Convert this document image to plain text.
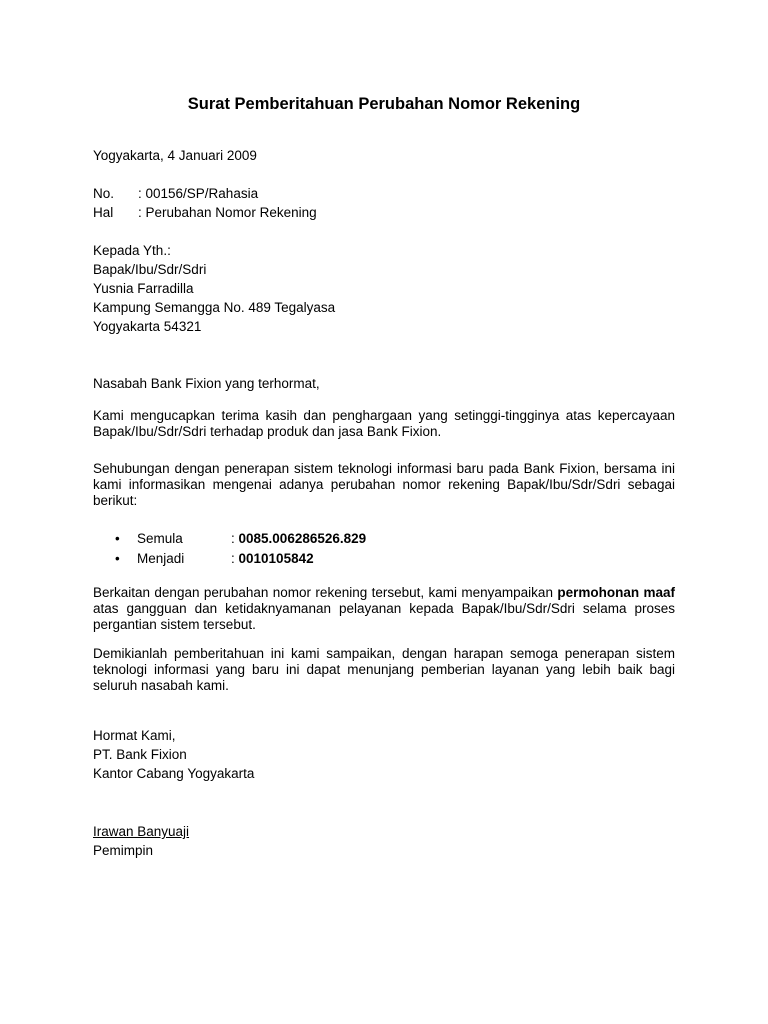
Surat Pemberitahuan Perubahan Nomor Rekening
Yogyakarta, 4 Januari 2009
No. : 00156/SP/Rahasia
Hal : Perubahan Nomor Rekening
Kepada Yth.:
Bapak/Ibu/Sdr/Sdri
Yusnia Farradilla
Kampung Semangga No. 489 Tegalyasa
Yogyakarta 54321
Nasabah Bank Fixion yang terhormat,
Kami mengucapkan terima kasih dan penghargaan yang setinggi-tingginya atas kepercayaan Bapak/Ibu/Sdr/Sdri terhadap produk dan jasa Bank Fixion.
Sehubungan dengan penerapan sistem teknologi informasi baru pada Bank Fixion, bersama ini kami informasikan mengenai adanya perubahan nomor rekening Bapak/Ibu/Sdr/Sdri sebagai berikut:
• Semula	: 0085.006286526.829
• Menjadi	: 0010105842
Berkaitan dengan perubahan nomor rekening tersebut, kami menyampaikan permohonan maaf atas gangguan dan ketidaknyamanan pelayanan kepada Bapak/Ibu/Sdr/Sdri selama proses pergantian sistem tersebut.
Demikianlah pemberitahuan ini kami sampaikan, dengan harapan semoga penerapan sistem teknologi informasi yang baru ini dapat menunjang pemberian layanan yang lebih baik bagi seluruh nasabah kami.
Hormat Kami,
PT. Bank Fixion
Kantor Cabang Yogyakarta
Irawan Banyuaji
Pemimpin
